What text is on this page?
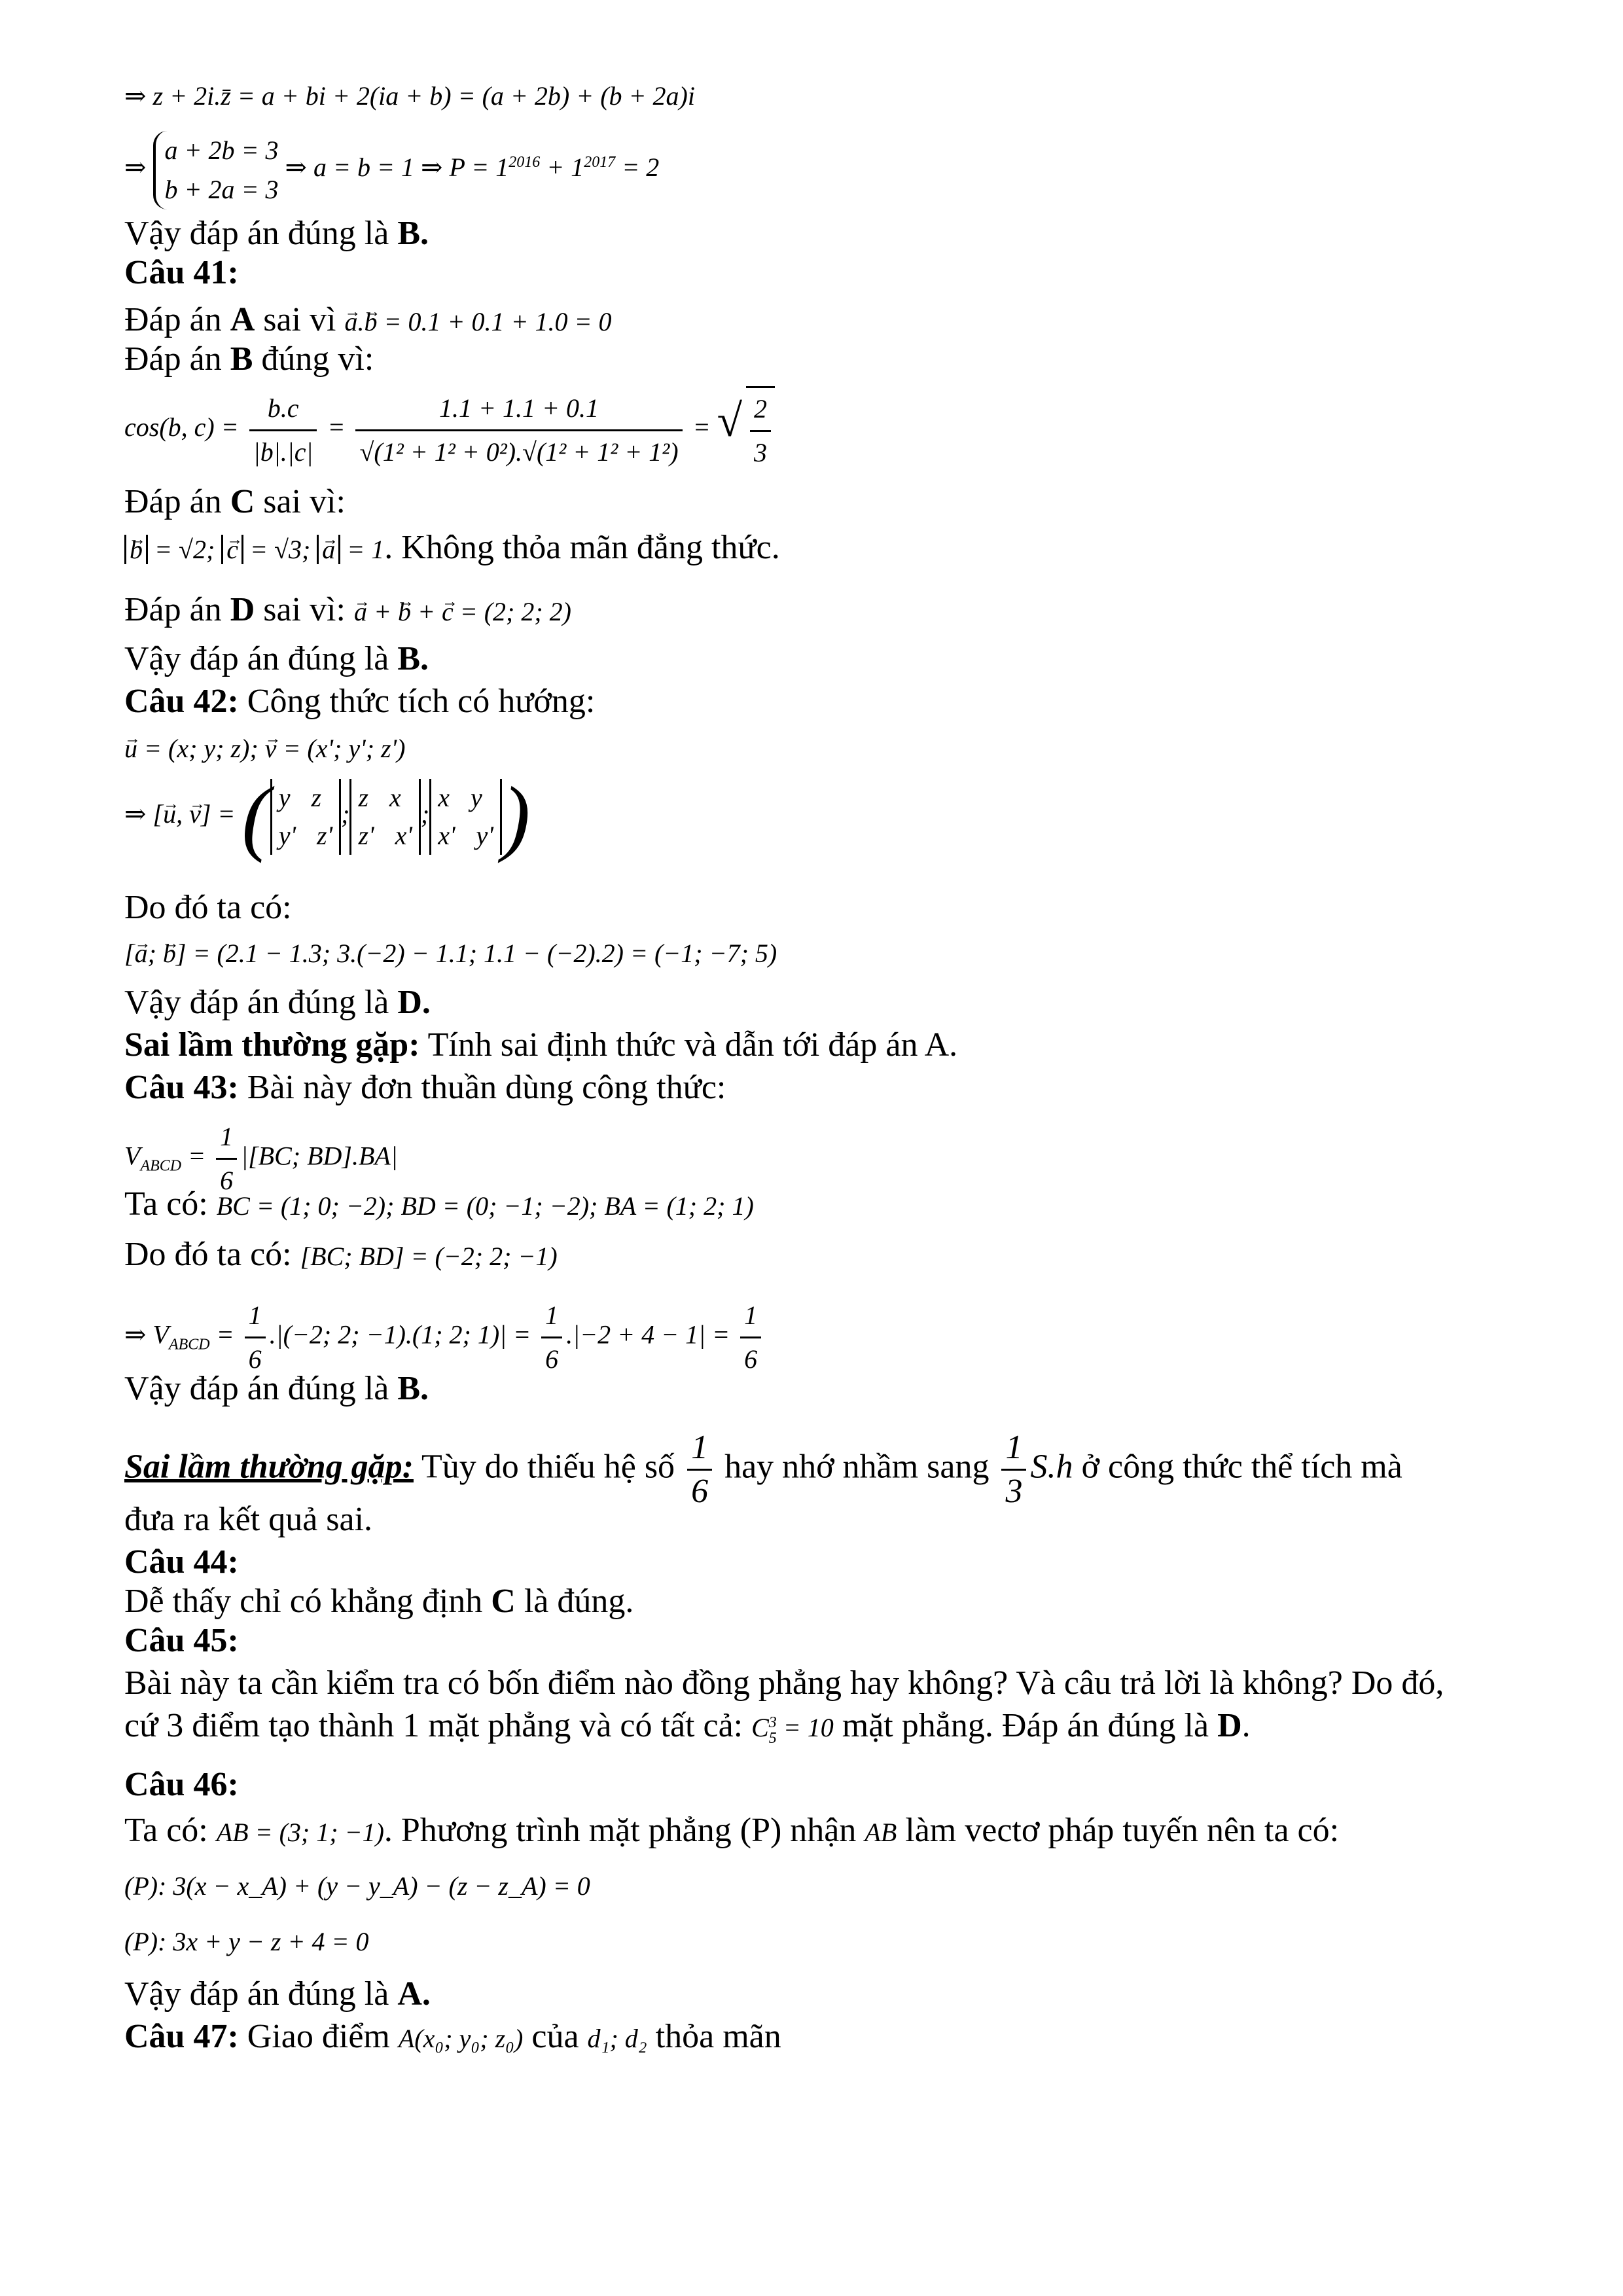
⇒ z + 2i.z̄ = a + bi + 2(ia + b) = (a + 2b) + (b + 2a)i
⇒
a + 2b = 3
b + 2a = 3
⇒ a = b = 1 ⇒ $P = 1^{2016} + 1^{2017} = 2$
Vậy đáp án đúng là B.
Câu 41:
Đáp án A sai vì → a.→ b = 0.1 + 0.1 + 1.0 = 0
Đáp án B đúng vì:
cos(b, $c) = \frac{b.c}{|b|.|c|} = \frac{1.1 + 1.1 + 0.1}{\text{√(1² + 1² + 0²).√(1² + 1² + 1²)}}$ = √ $\frac{2}{3}$
Đáp án C sai vì:
→ b = √2; → c = √3; → a = 1. Không thỏa mãn đẳng thức.
Đáp án D sai vì: → a + → b + → c = (2; 2; 2)
Vậy đáp án đúng là B.
Câu 42: Công thức tích có hướng:
→ u = (x; y; z); → v = (x'; y'; z')
⇒ [→ u, → v] = ( y z
y' z'
;
z x
z' x'
;
x y
x' y' )
Do đó ta có:
[→ a; → b] = (2.1 − 1.3; 3.(−2) − 1.1; 1.1 − (−2).2) = (−1; −7; 5)
Vậy đáp án đúng là D.
Sai lầm thường gặp: Tính sai định thức và dẫn tới đáp án A.
Câu 43: Bài này đơn thuần dùng công thức:
$V_{ABCD} = \frac{1}{6} |[BC$; BD].BA|
Ta có: BC = (1; 0; −2); BD = (0; −1; −2); BA = (1; 2; 1)
Do đó ta có: [BC; BD] = (−2; 2; −1)
⇒ $V_{ABCD} = \frac{1}{6} .|(-2$; 2; −1).(1; 2; $1)| = \frac{1}{6} .|-2 + 4 - 1| = \frac{1}{6}$
Vậy đáp án đúng là B.
Sai lầm thường gặp: Tùy do thiếu hệ số $\frac{1}{6}$ hay nhớ nhầm sang $\frac{1}{3} S.h$ ở công thức thể tích mà
đưa ra kết quả sai.
Câu 44:
Dễ thấy chỉ có khẳng định C là đúng.
Câu 45:
Bài này ta cần kiểm tra có bốn điểm nào đồng phẳng hay không? Và câu trả lời là không? Do đó,
cứ 3 điểm tạo thành 1 mặt phẳng và có tất cả: C 3
5 = 10 mặt phẳng. Đáp án đúng là D.
Câu 46:
Ta có: AB = (3; 1; −1). Phương trình mặt phẳng (P) nhận AB làm vectơ pháp tuyến nên ta có:
(P): 3(x − x_A) + (y − y_A) − (z − z_A) = 0
(P): 3x + y − z + 4 = 0
Vậy đáp án đúng là A.
Câu 47: Giao điểm A(x₀; y₀; z₀) của d₁; d₂ thỏa mãn
